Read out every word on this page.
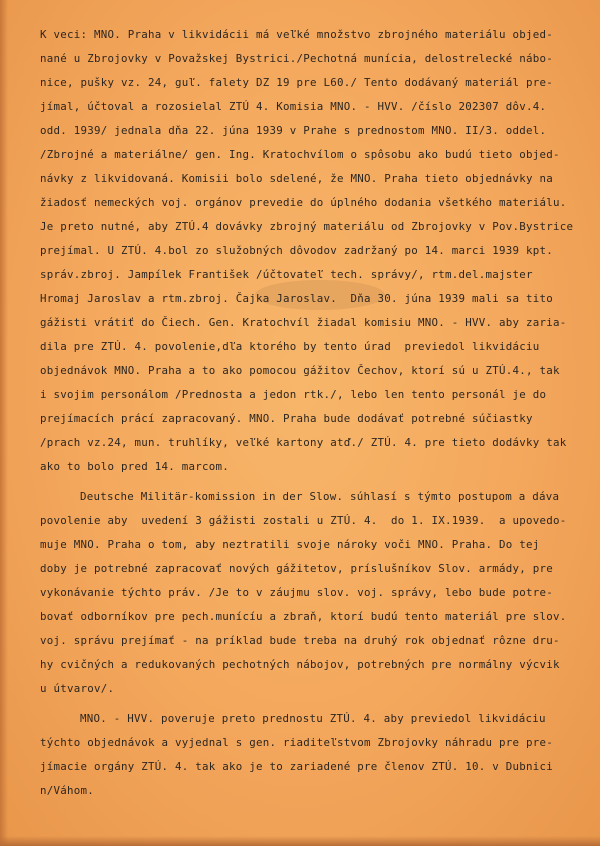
K veci: MNO. Praha v likvidácii má veľké množstvo zbrojného materiálu objed-
nané u Zbrojovky v Považskej Bystrici./Pechotná munícia, delostrelecké nábo-
nice, pušky vz. 24, guľ. falety DZ 19 pre L60./ Tento dodávaný materiál pre-
jímal, účtoval a rozosielal ZTÚ 4. Komisia MNO. - HVV. /číslo 202307 dôv.4.
odd. 1939/ jednala dňa 22. júna 1939 v Prahe s prednostom MNO. II/3. oddel.
/Zbrojné a materiálne/ gen. Ing. Kratochvílom o spôsobu ako budú tieto objed-
návky z likvidovaná. Komisii bolo sdelené, že MNO. Praha tieto objednávky na
žiadosť nemeckých voj. orgánov prevedie do úplného dodania všetkého materiálu.
Je preto nutné, aby ZTÚ.4 dovávky zbrojný materiálu od Zbrojovky v Pov.Bystrice
prejímal. U ZTÚ. 4.bol zo služobných dôvodov zadržaný po 14. marci 1939 kpt.
správ.zbroj. Jampílek František /účtovateľ tech. správy/, rtm.del.majster
Hromaj Jaroslav a rtm.zbroj. Čajka Jaroslav.  Dňa 30. júna 1939 mali sa tito
gážisti vrátiť do Čiech. Gen. Kratochvíl žiadal komisiu MNO. - HVV. aby zaria-
dila pre ZTÚ. 4. povolenie,dľa ktorého by tento úrad  previedol likvidáciu
objednávok MNO. Praha a to ako pomocou gážitov Čechov, ktorí sú u ZTÚ.4., tak
i svojim personálom /Prednosta a jedon rtk./, lebo len tento personál je do
prejímacích prácí zapracovaný. MNO. Praha bude dodávať potrebné súčiastky
/prach vz.24, mun. truhlíky, veľké kartony atď./ ZTÚ. 4. pre tieto dodávky tak
ako to bolo pred 14. marcom.
Deutsche Militär-komission in der Slow. súhlasí s týmto postupom a dáva
povolenie aby  uvedení 3 gážisti zostali u ZTÚ. 4.  do 1. IX.1939.  a upovedo-
muje MNO. Praha o tom, aby neztratili svoje nároky voči MNO. Praha. Do tej
doby je potrebné zapracovať nových gážitetov, príslušníkov Slov. armády, pre
vykonávanie týchto práv. /Je to v záujmu slov. voj. správy, lebo bude potre-
bovať odborníkov pre pech.munícíu a zbraň, ktorí budú tento materiál pre slov.
voj. správu prejímať - na príklad bude treba na druhý rok objednať rôzne dru-
hy cvičných a redukovaných pechotných nábojov, potrebných pre normálny výcvik
u útvarov/.
MNO. - HVV. poveruje preto prednostu ZTÚ. 4. aby previedol likvidáciu
týchto objednávok a vyjednal s gen. riaditeľstvom Zbrojovky náhradu pre pre-
jímacie orgány ZTÚ. 4. tak ako je to zariadené pre členov ZTÚ. 10. v Dubnici
n/Váhom.
